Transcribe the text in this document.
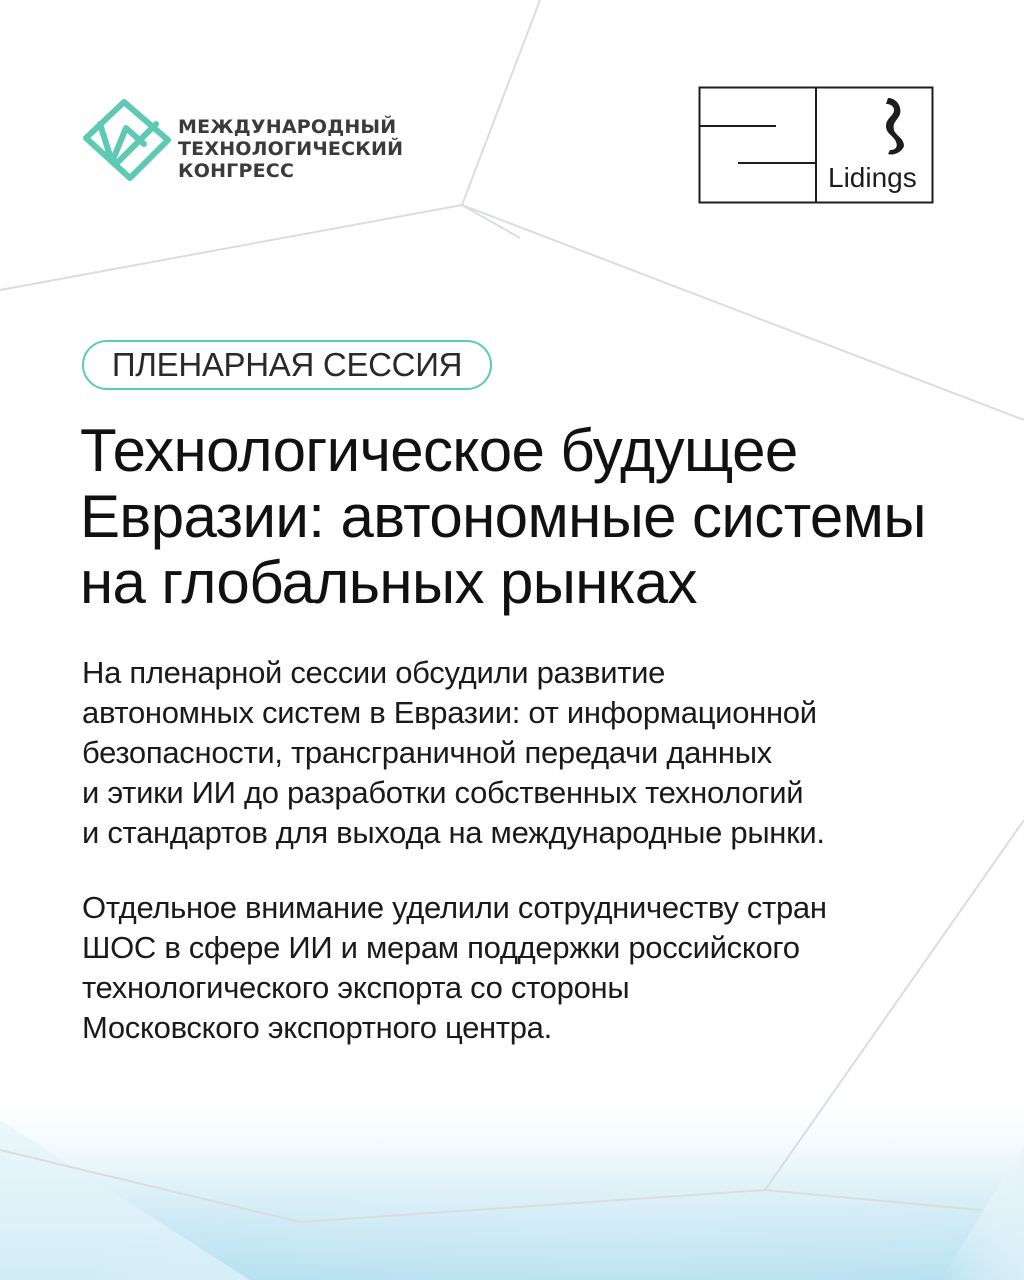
МЕЖДУНАРОДНЫЙ
ТЕХНОЛОГИЧЕСКИЙ
КОНГРЕСС	Lidings
ПЛЕНАРНАЯ СЕССИЯ
Технологическое будущее
Евразии: автономные системы
на глобальных рынках
На пленарной сессии обсудили развитие
автономных систем в Евразии: от информационной
безопасности, трансграничной передачи данных
и этики ИИ до разработки собственных технологий
и стандартов для выхода на международные рынки.
Отдельное внимание уделили сотрудничеству стран
ШОС в сфере ИИ и мерам поддержки российского
технологического экспорта со стороны
Московского экспортного центра.
